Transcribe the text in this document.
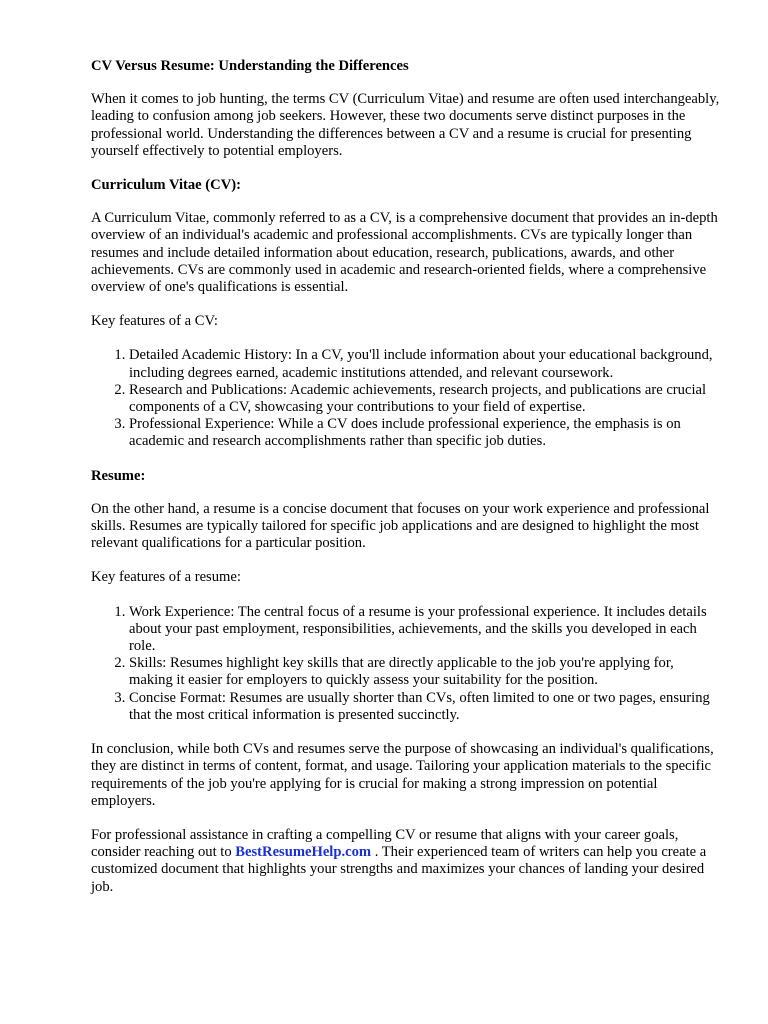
CV Versus Resume: Understanding the Differences

When it comes to job hunting, the terms CV (Curriculum Vitae) and resume are often used interchangeably, leading to confusion among job seekers. However, these two documents serve distinct purposes in the professional world. Understanding the differences between a CV and a resume is crucial for presenting yourself effectively to potential employers.

Curriculum Vitae (CV):

A Curriculum Vitae, commonly referred to as a CV, is a comprehensive document that provides an in-depth overview of an individual's academic and professional accomplishments. CVs are typically longer than resumes and include detailed information about education, research, publications, awards, and other achievements. CVs are commonly used in academic and research-oriented fields, where a comprehensive overview of one's qualifications is essential.

Key features of a CV:

1. Detailed Academic History: In a CV, you'll include information about your educational background, including degrees earned, academic institutions attended, and relevant coursework.
2. Research and Publications: Academic achievements, research projects, and publications are crucial components of a CV, showcasing your contributions to your field of expertise.
3. Professional Experience: While a CV does include professional experience, the emphasis is on academic and research accomplishments rather than specific job duties.
Resume:

On the other hand, a resume is a concise document that focuses on your work experience and professional skills. Resumes are typically tailored for specific job applications and are designed to highlight the most relevant qualifications for a particular position.

Key features of a resume:

1. Work Experience: The central focus of a resume is your professional experience. It includes details about your past employment, responsibilities, achievements, and the skills you developed in each role.
2. Skills: Resumes highlight key skills that are directly applicable to the job you're applying for, making it easier for employers to quickly assess your suitability for the position.
3. Concise Format: Resumes are usually shorter than CVs, often limited to one or two pages, ensuring that the most critical information is presented succinctly.

In conclusion, while both CVs and resumes serve the purpose of showcasing an individual's qualifications, they are distinct in terms of content, format, and usage. Tailoring your application materials to the specific requirements of the job you're applying for is crucial for making a strong impression on potential employers.

For professional assistance in crafting a compelling CV or resume that aligns with your career goals, consider reaching out to BestResumeHelp.com . Their experienced team of writers can help you create a customized document that highlights your strengths and maximizes your chances of landing your desired job.
